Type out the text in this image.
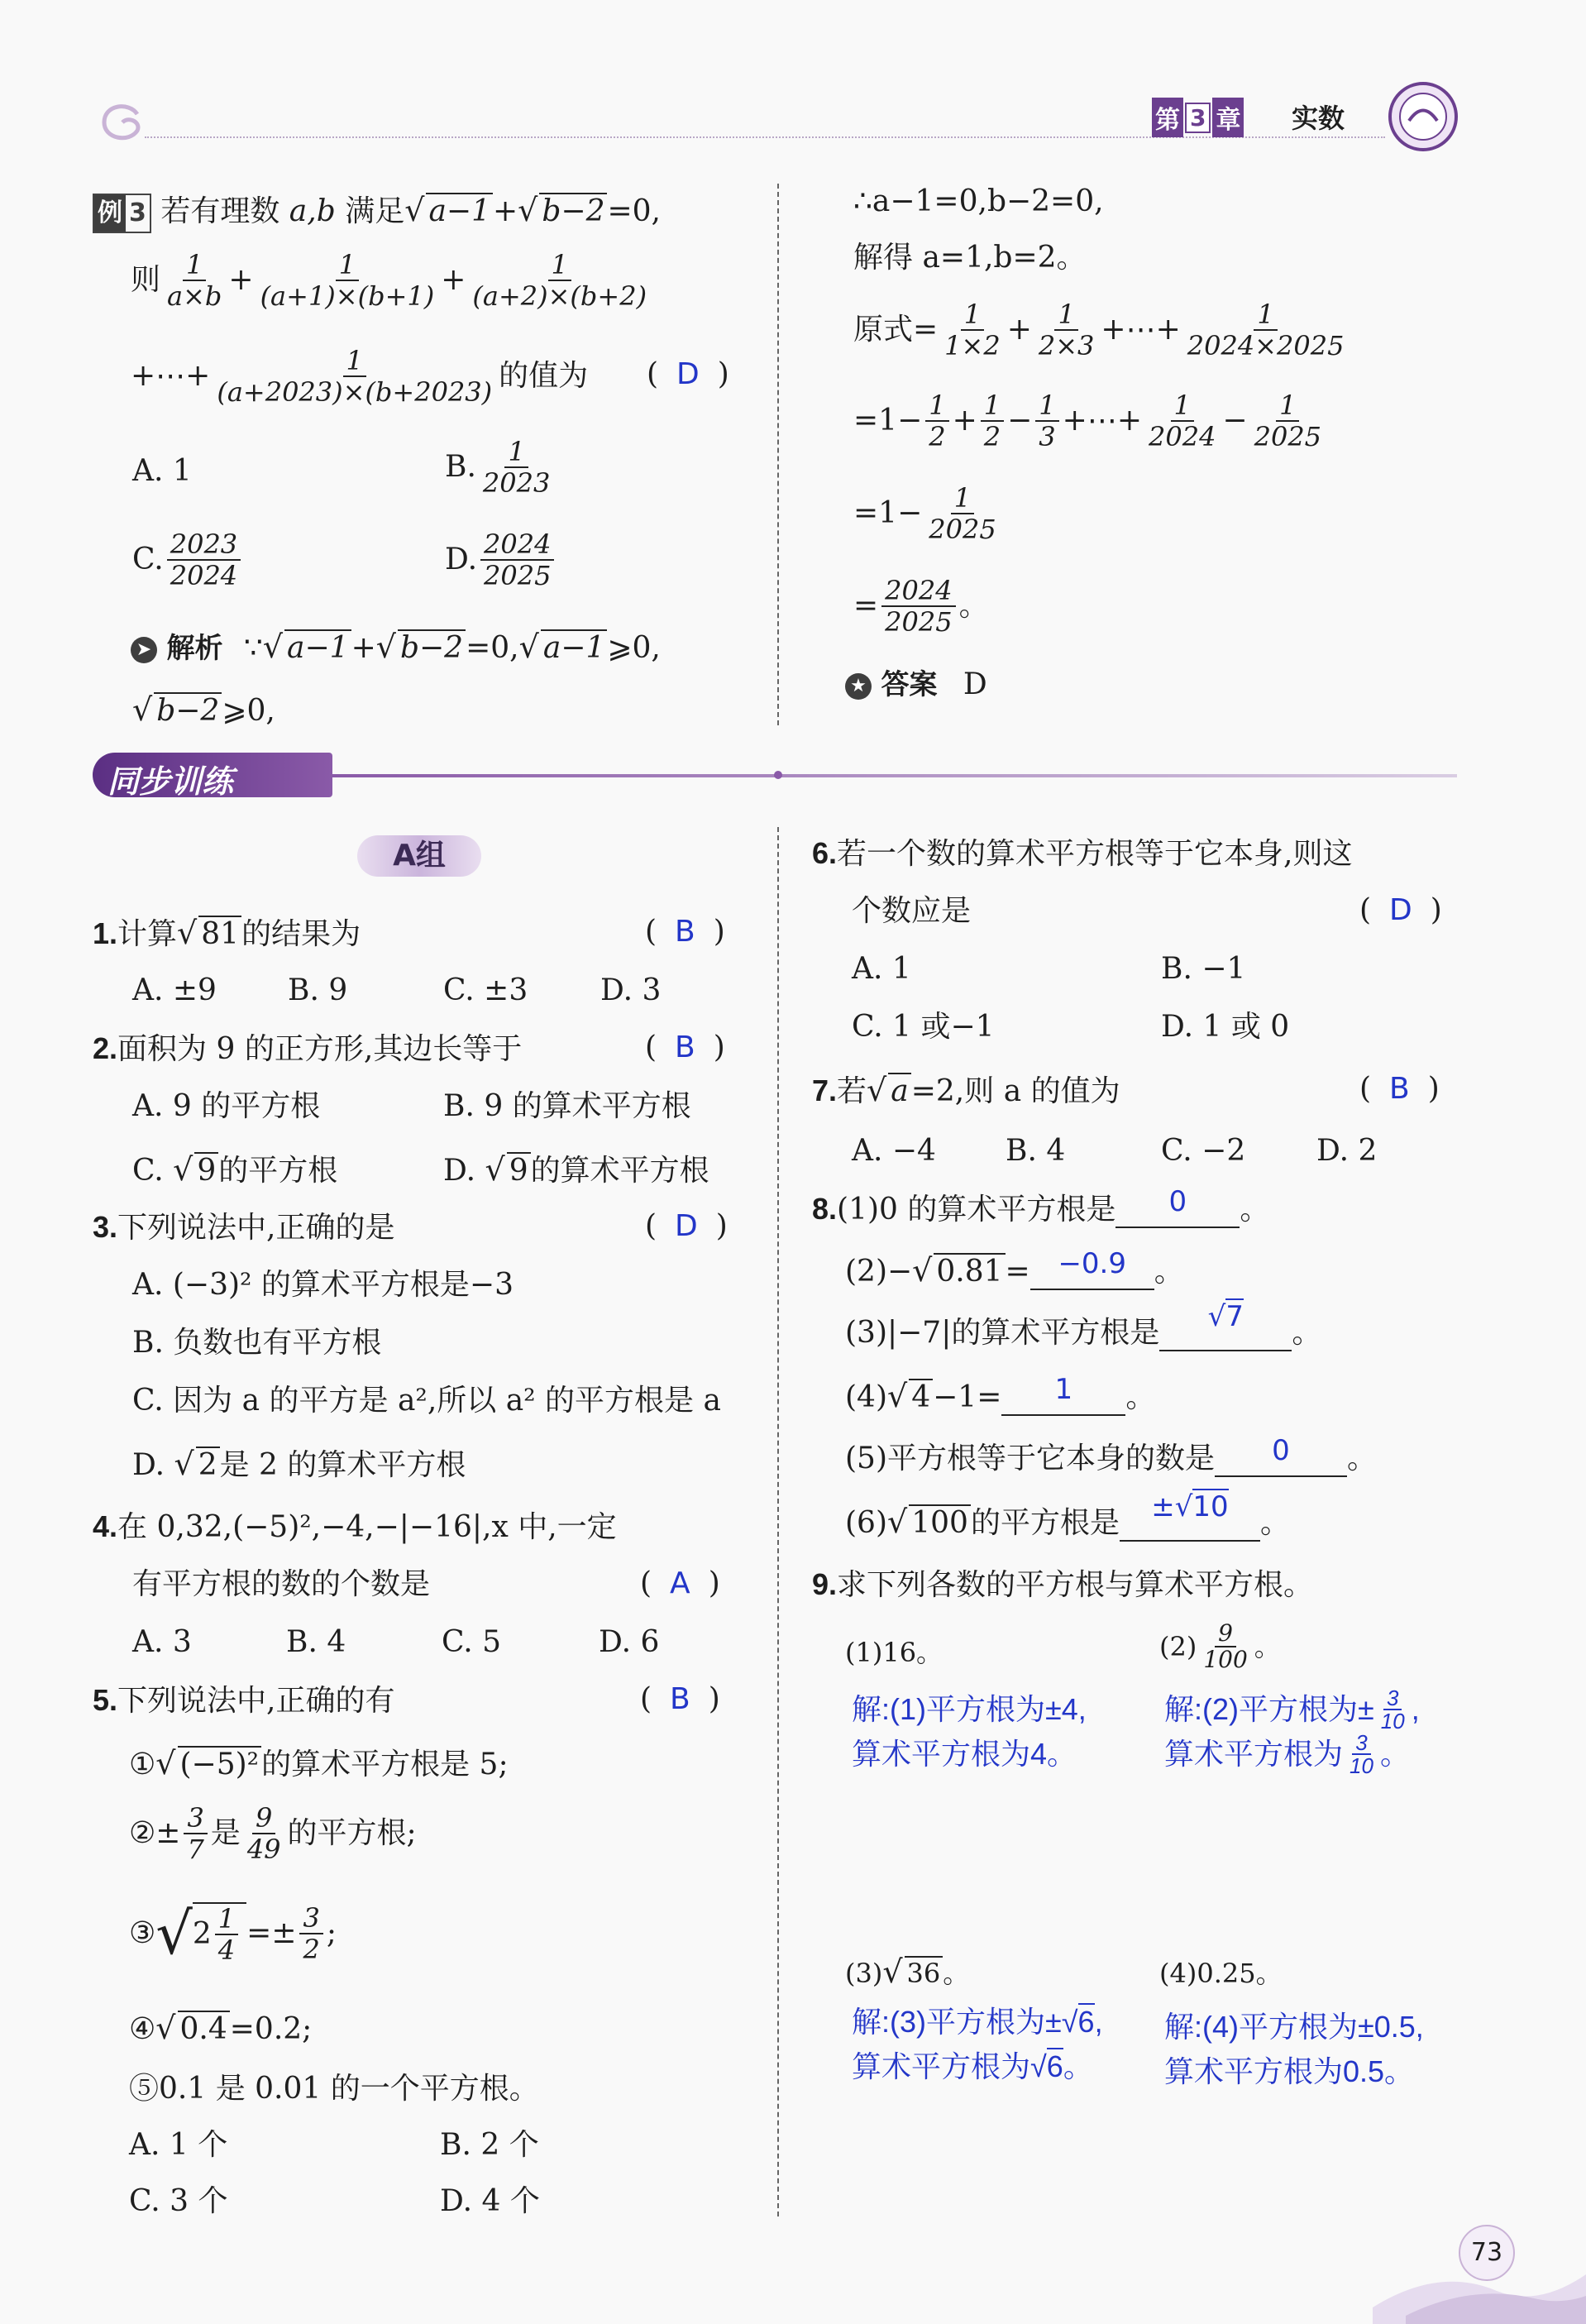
第 3 章 实数
例 3 若有理数 a,b 满足√ a−1+√ b−2=0,
则 $\frac{1}{a\times b} + \frac{1}{(a+1)\times(b+1)} + \frac{1}{(a+2)\times(b+2)}$
+⋯+ $\frac{1}{(a+2023)\times(b+2023)}$ 的值为 ( D )
A. 1	B. $\frac{1}{2023}$
C. $\frac{2023}{2024}$	D. $\frac{2024}{2025}$
➤ 解析 ∵√ a−1+√ b−2=0,√ a−1⩾0,
√ b−2⩾0,
∴a−1=0,b−2=0,
解得 a=1,b=2。
原式= $\frac{1}{1\times 2} + \frac{1}{2\times 3}$ +⋯+ $\frac{1}{2024\times 2025}$
$=1- \frac{1}{2} + \frac{1}{2} - \frac{1}{3}$ +⋯+ $\frac{1}{2024} - \frac{1}{2025}$
$=1- \frac{1}{2025}$
= $\frac{2024}{2025}$ 。
★ 答案 D
同步训练
A组
1.计算√ 81的结果为	( B )
A. ±9 B. 9	C. ±3 D. 3
2.面积为 9 的正方形,其边长等于	( B )
A. 9 的平方根	B. 9 的算术平方根
C. √ 9的平方根	D. √ 9的算术平方根
3.下列说法中,正确的是	( D )
A. (−3)² 的算术平方根是−3
B. 负数也有平方根
C. 因为 a 的平方是 a²,所以 a² 的平方根是 a
D. √ 2是 2 的算术平方根
4.在 0,32,(−5)²,−4,−|−16|,x 中,一定
有平方根的数的个数是	( A )
A. 3	B. 4	C. 5	D. 6
5.下列说法中,正确的有	( B )
①√ (−5)²的算术平方根是 5;
②± $\frac{3}{7}$ 是 $\frac{9}{49}$ 的平方根;
③ √ $2 \frac{1}{4} =\pm \frac{3}{2}$ ;
④√ 0.4=0.2;
⑤0.1 是 0.01 的一个平方根。
A. 1 个	B. 2 个
C. 3 个	D. 4 个
6.若一个数的算术平方根等于它本身,则这
个数应是	( D )
A. 1	B. −1
C. 1 或−1	D. 1 或 0
7.若√ a=2,则 a 的值为	( B )
A. −4 B. 4	C. −2 D. 2
8.(1)0 的算术平方根是 0 。
(2)−√ 0.81= −0.9 。
(3)|−7|的算术平方根是 √7 。
(4)√ 4−1= 1 。
(5)平方根等于它本身的数是 0 。
(6)√ 100的平方根是 ±√10 。
9.求下列各数的平方根与算术平方根。
(1)16。	$(2) \frac{9}{100}$ 。
解:(1)平方根为±4,
算术平方根为4。
解:(2)平方根为± $\frac{3}{10}$ ,
算术平方根为 $\frac{3}{10}$ 。
(3)√ 36。	(4)0.25。
解:(3)平方根为±√6,
算术平方根为√6。
解:(4)平方根为±0.5,
算术平方根为0.5。
73
